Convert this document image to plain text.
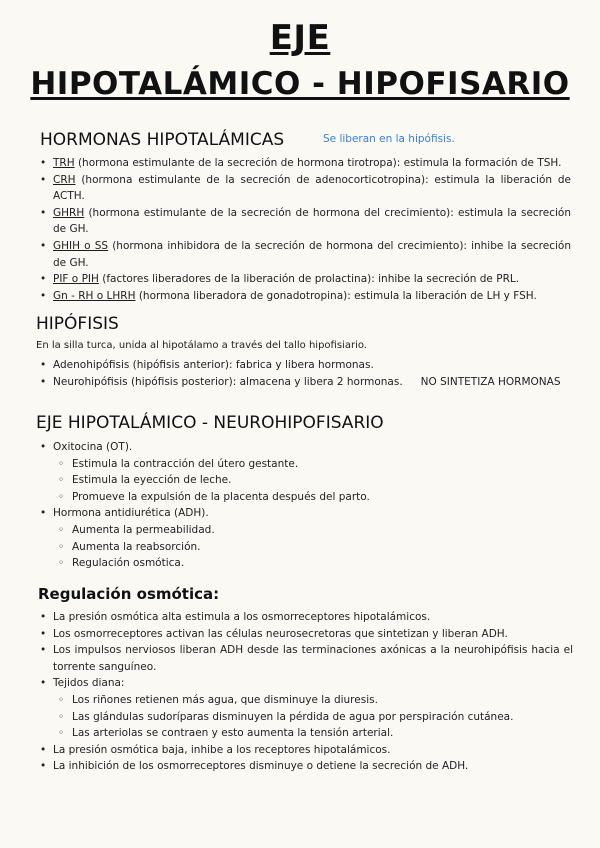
EJE
HIPOTALÁMICO - HIPOFISARIO
HORMONAS HIPOTALÁMICAS	Se liberan en la hipófisis.
• TRH (hormona estimulante de la secreción de hormona tirotropa): estimula la formación de TSH.
• CRH (hormona estimulante de la secreción de adenocorticotropina): estimula la liberación de ACTH.
• GHRH (hormona estimulante de la secreción de hormona del crecimiento): estimula la secreción de GH.
• GHIH o SS (hormona inhibidora de la secreción de hormona del crecimiento): inhibe la secreción de GH.
• PIF o PIH (factores liberadores de la liberación de prolactina): inhibe la secreción de PRL.
• Gn - RH o LHRH (hormona liberadora de gonadotropina): estimula la liberación de LH y FSH.
HIPÓFISIS
En la silla turca, unida al hipotálamo a través del tallo hipofisiario.
• Adenohipófisis (hipófisis anterior): fabrica y libera hormonas.
• Neurohipófisis (hipófisis posterior): almacena y libera 2 hormonas. NO SINTETIZA HORMONAS
EJE HIPOTALÁMICO - NEUROHIPOFISARIO
• Oxitocina (OT).
◦ Estimula la contracción del útero gestante.
◦ Estimula la eyección de leche.
◦ Promueve la expulsión de la placenta después del parto.
• Hormona antidiurética (ADH).
◦ Aumenta la permeabilidad.
◦ Aumenta la reabsorción.
◦ Regulación osmótica.
Regulación osmótica:
• La presión osmótica alta estimula a los osmorreceptores hipotalámicos.
• Los osmorreceptores activan las células neurosecretoras que sintetizan y liberan ADH.
• Los impulsos nerviosos liberan ADH desde las terminaciones axónicas a la neurohipófisis hacia el torrente sanguíneo.
• Tejidos diana:
◦ Los riñones retienen más agua, que disminuye la diuresis.
◦ Las glándulas sudoríparas disminuyen la pérdida de agua por perspiración cutánea.
◦ Las arteriolas se contraen y esto aumenta la tensión arterial.
• La presión osmótica baja, inhibe a los receptores hipotalámicos.
• La inhibición de los osmorreceptores disminuye o detiene la secreción de ADH.
